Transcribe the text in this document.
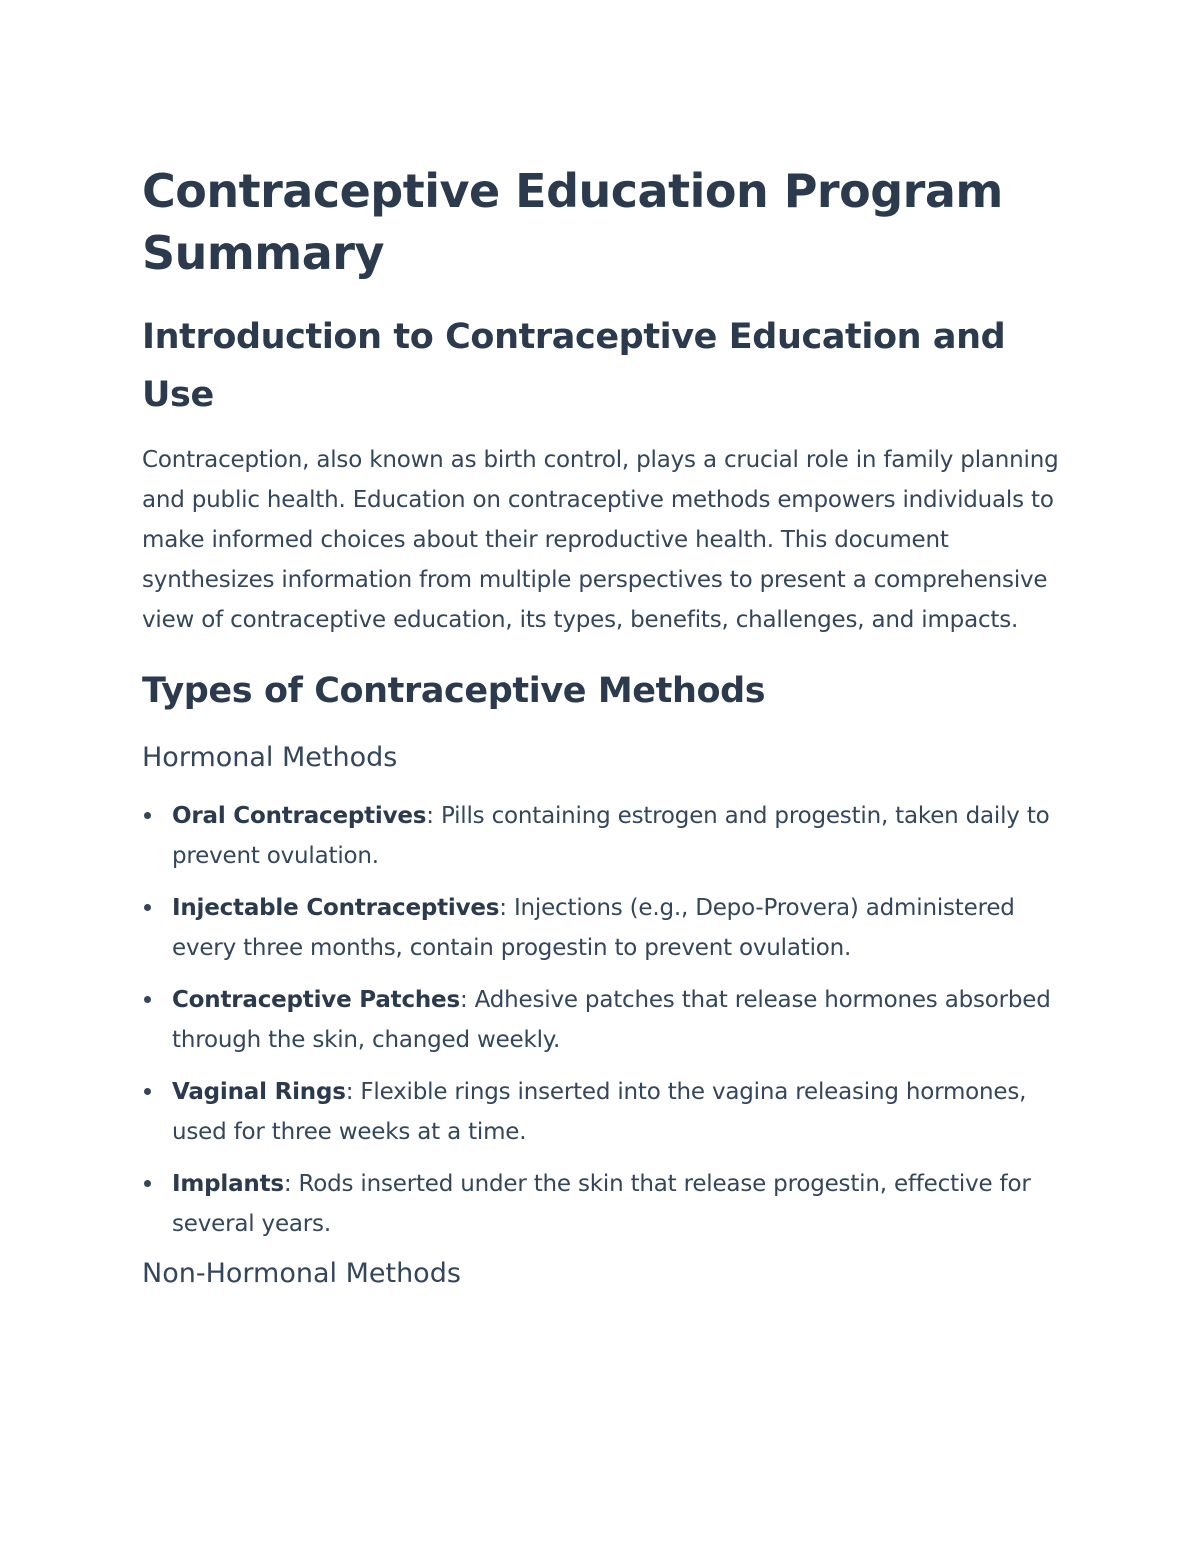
Contraceptive Education Program Summary
Introduction to Contraceptive Education and Use

Contraception, also known as birth control, plays a crucial role in family planning and public health. Education on contraceptive methods empowers individuals to make informed choices about their reproductive health. This document synthesizes information from multiple perspectives to present a comprehensive view of contraceptive education, its types, benefits, challenges, and impacts.

Types of Contraceptive Methods
Hormonal Methods
Oral Contraceptives: Pills containing estrogen and progestin, taken daily to prevent ovulation.
Injectable Contraceptives: Injections (e.g., Depo-Provera) administered every three months, contain progestin to prevent ovulation.
Contraceptive Patches: Adhesive patches that release hormones absorbed through the skin, changed weekly.
Vaginal Rings: Flexible rings inserted into the vagina releasing hormones, used for three weeks at a time.
Implants: Rods inserted under the skin that release progestin, effective for several years.
Non-Hormonal Methods
